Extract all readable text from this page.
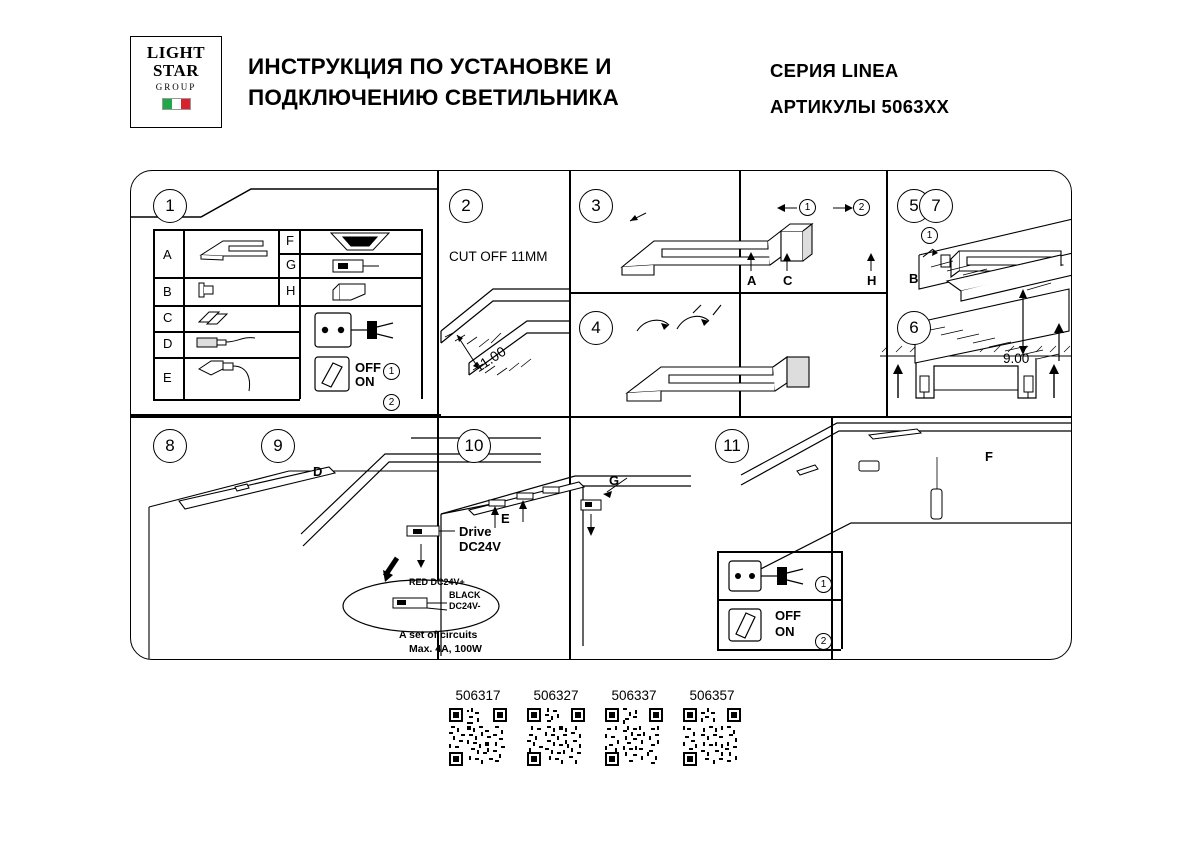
LIGHT
STAR
GROUP
ИНСТРУКЦИЯ ПО УСТАНОВКЕ И ПОДКЛЮЧЕНИЮ СВЕТИЛЬНИКА
СЕРИЯ LINEA
АРТИКУЛЫ 5063ХХ
1
A
B
C
D
E
F
G
H
1
2
OFF
ON
2
CUT OFF 11MM
11.00
3	1	2
A C	H
4
5
1
B
6
7
9.00
8	9
D
Drive
DC24V
RED DC24V+
BLACK
DC24V-
A set of circuits
Max. 4A, 100W
10
E
G
11
F
1
2
OFF
ON
506317	506327	506337	506357
